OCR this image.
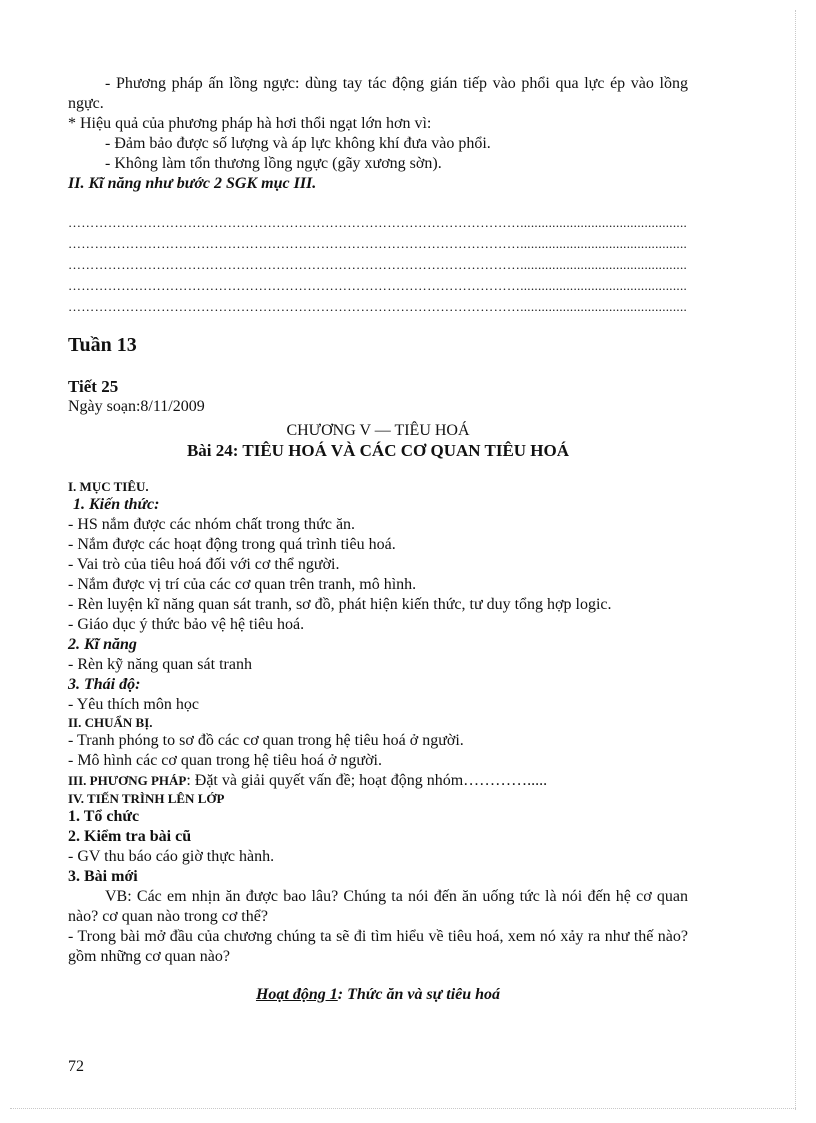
- Phương pháp ấn lồng ngực: dùng tay tác động gián tiếp vào phổi qua lực ép vào lồng ngực.

* Hiệu quả của phương pháp hà hơi thổi ngạt lớn hơn vì:

- Đảm bảo được số lượng và áp lực không khí đưa vào phổi.

- Không làm tổn thương lồng ngực (gãy xương sờn).

II. Kĩ năng như bước 2 SGK mục III.

…………………………………………………………………………………………...............................................

…………………………………………………………………………………………...............................................

…………………………………………………………………………………………...............................................

…………………………………………………………………………………………...............................................

…………………………………………………………………………………………...............................................

Tuần 13

Tiết 25

Ngày soạn:8/11/2009

CHƯƠNG V — TIÊU HOÁ

Bài 24: TIÊU HOÁ VÀ CÁC CƠ QUAN TIÊU HOÁ

I. MỤC TIÊU.

1. Kiến thức:

- HS nắm được các nhóm chất trong thức ăn.

- Nắm được các hoạt động trong quá trình tiêu hoá.

- Vai trò của tiêu hoá đối với cơ thể người.

- Nắm được vị trí của các cơ quan trên tranh, mô hình.

- Rèn luyện kĩ năng quan sát tranh, sơ đồ, phát hiện kiến thức, tư duy tổng hợp logic.

- Giáo dục ý thức bảo vệ hệ tiêu hoá.

2. Kĩ năng

- Rèn kỹ năng quan sát tranh

3. Thái độ:

- Yêu thích môn học

II. CHUẨN BỊ.

- Tranh phóng to sơ đồ các cơ quan trong hệ tiêu hoá ở người.

- Mô hình các cơ quan trong hệ tiêu hoá ở người.

III. PHƯƠNG PHÁP: Đặt và giải quyết vấn đề; hoạt động nhóm………….....

IV. TIẾN TRÌNH LÊN LỚP

1. Tổ chức

2. Kiểm tra bài cũ

- GV thu báo cáo giờ thực hành.

3. Bài mới

VB: Các em nhịn ăn được bao lâu? Chúng ta nói đến ăn uống tức là nói đến hệ cơ quan nào? cơ quan nào trong cơ thể?

- Trong bài mở đầu của chương chúng ta sẽ đi tìm hiểu về tiêu hoá, xem nó xảy ra như thế nào? gồm những cơ quan nào?

Hoạt động 1: Thức ăn và sự tiêu hoá

72
